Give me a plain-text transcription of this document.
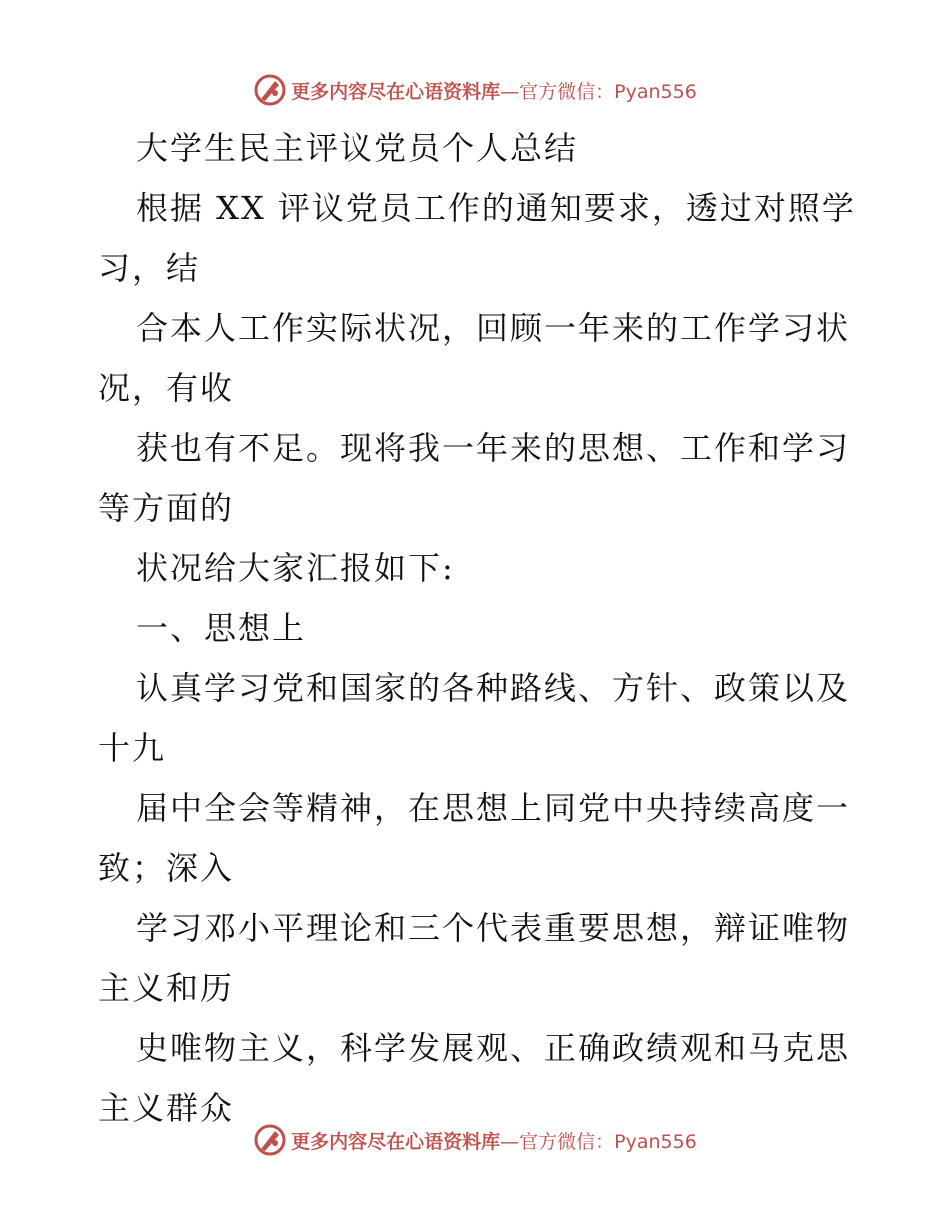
更多内容尽在心语资料库 —官方微信：Pyan556
大学生民主评议党员个人总结
根据 XX 评议党员工作的通知要求，透过对照学
习，结
合本人工作实际状况，回顾一年来的工作学习状
况，有收
获也有不足。现将我一年来的思想、工作和学习
等方面的
状况给大家汇报如下:
一、思想上
认真学习党和国家的各种路线、方针、政策以及
十九
届中全会等精神，在思想上同党中央持续高度一
致；深入
学习邓小平理论和三个代表重要思想，辩证唯物
主义和历
史唯物主义，科学发展观、正确政绩观和马克思
主义群众
更多内容尽在心语资料库 —官方微信：Pyan556
